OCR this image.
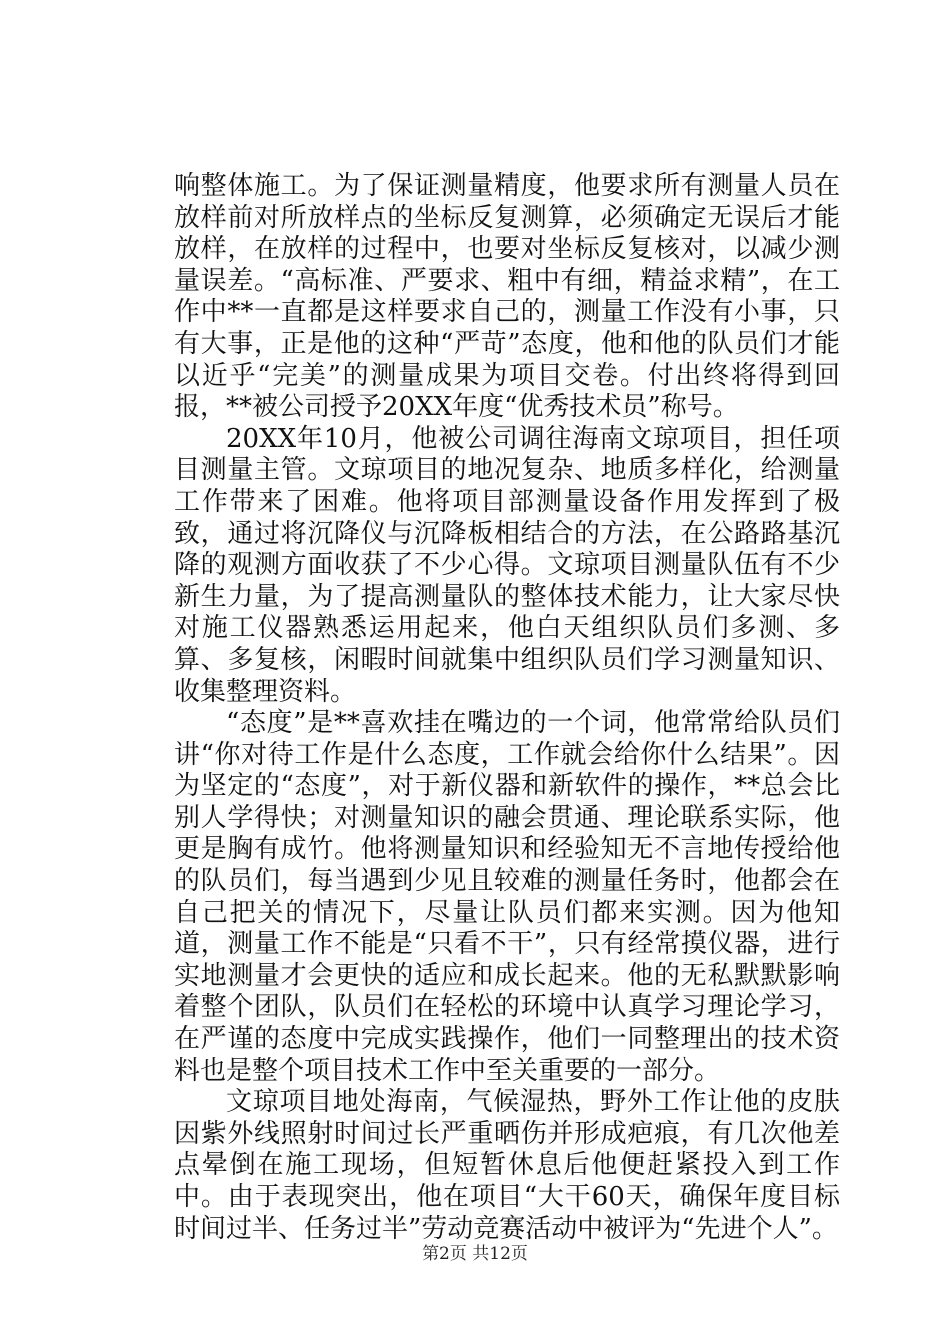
响整体施工。为了保证测量精度，他要求所有测量人员在放样前对所放样点的坐标反复测算，必须确定无误后才能放样，在放样的过程中，也要对坐标反复核对，以减少测量误差。“高标准、严要求、粗中有细，精益求精”，在工作中**一直都是这样要求自己的，测量工作没有小事，只有大事，正是他的这种“严苛”态度，他和他的队员们才能以近乎“完美”的测量成果为项目交卷。付出终将得到回报，**被公司授予20XX年度“优秀技术员”称号。

20XX年10月，他被公司调往海南文琼项目，担任项目测量主管。文琼项目的地况复杂、地质多样化，给测量工作带来了困难。他将项目部测量设备作用发挥到了极致，通过将沉降仪与沉降板相结合的方法，在公路路基沉降的观测方面收获了不少心得。文琼项目测量队伍有不少新生力量，为了提高测量队的整体技术能力，让大家尽快对施工仪器熟悉运用起来，他白天组织队员们多测、多算、多复核，闲暇时间就集中组织队员们学习测量知识、收集整理资料。

“态度”是**喜欢挂在嘴边的一个词，他常常给队员们讲“你对待工作是什么态度，工作就会给你什么结果”。因为坚定的“态度”，对于新仪器和新软件的操作，**总会比别人学得快；对测量知识的融会贯通、理论联系实际，他更是胸有成竹。他将测量知识和经验知无不言地传授给他的队员们，每当遇到少见且较难的测量任务时，他都会在自己把关的情况下，尽量让队员们都来实测。因为他知道，测量工作不能是“只看不干”，只有经常摸仪器，进行实地测量才会更快的适应和成长起来。他的无私默默影响着整个团队，队员们在轻松的环境中认真学习理论学习，在严谨的态度中完成实践操作，他们一同整理出的技术资料也是整个项目技术工作中至关重要的一部分。

文琼项目地处海南，气候湿热，野外工作让他的皮肤因紫外线照射时间过长严重晒伤并形成疤痕，有几次他差点晕倒在施工现场，但短暂休息后他便赶紧投入到工作中。由于表现突出，他在项目“大干60天，确保年度目标时间过半、任务过半”劳动竞赛活动中被评为“先进个人”。

第2页 共12页
